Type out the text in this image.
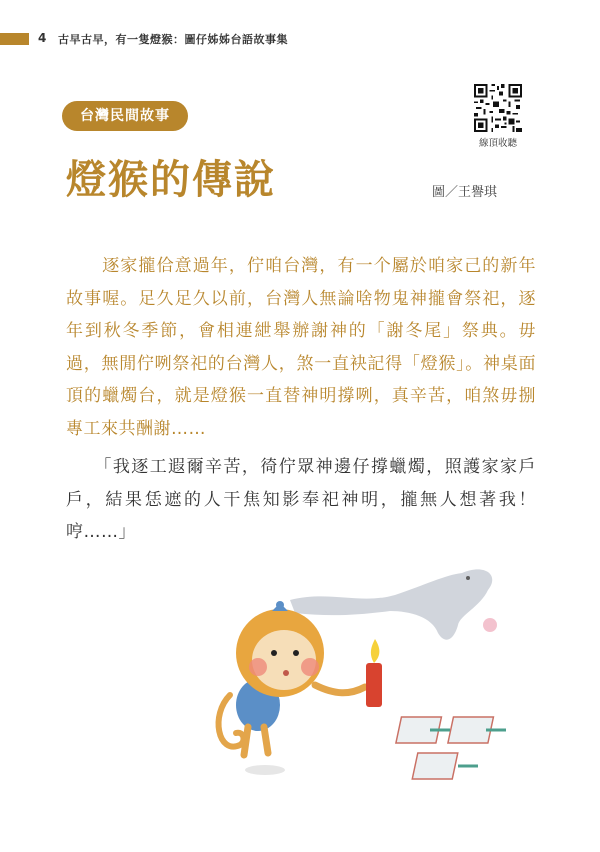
4 古早古早，有一隻燈猴：圖仔姊姊台語故事集
台灣民間故事
線頂收聽
燈猴的傳說	圖／王譽琪
　　逐家攏佮意過年，佇咱台灣，有一个屬於咱家己的新年故事喔。足久足久以前，台灣人無論啥物鬼神攏會祭祀，逐年到秋冬季節，會相連紲舉辦謝神的「謝冬尾」祭典。毋過，無閒佇咧祭祀的台灣人，煞一直袂記得「燈猴」。神桌面頂的蠟燭台，就是燈猴一直替神明撐咧，真辛苦，咱煞毋捌專工來共酬謝……
　　「我逐工遐爾辛苦，徛佇眾神邊仔撐蠟燭，照護家家戶戶，結果恁遮的人干焦知影奉祀神明，攏無人想著我！哼……」
